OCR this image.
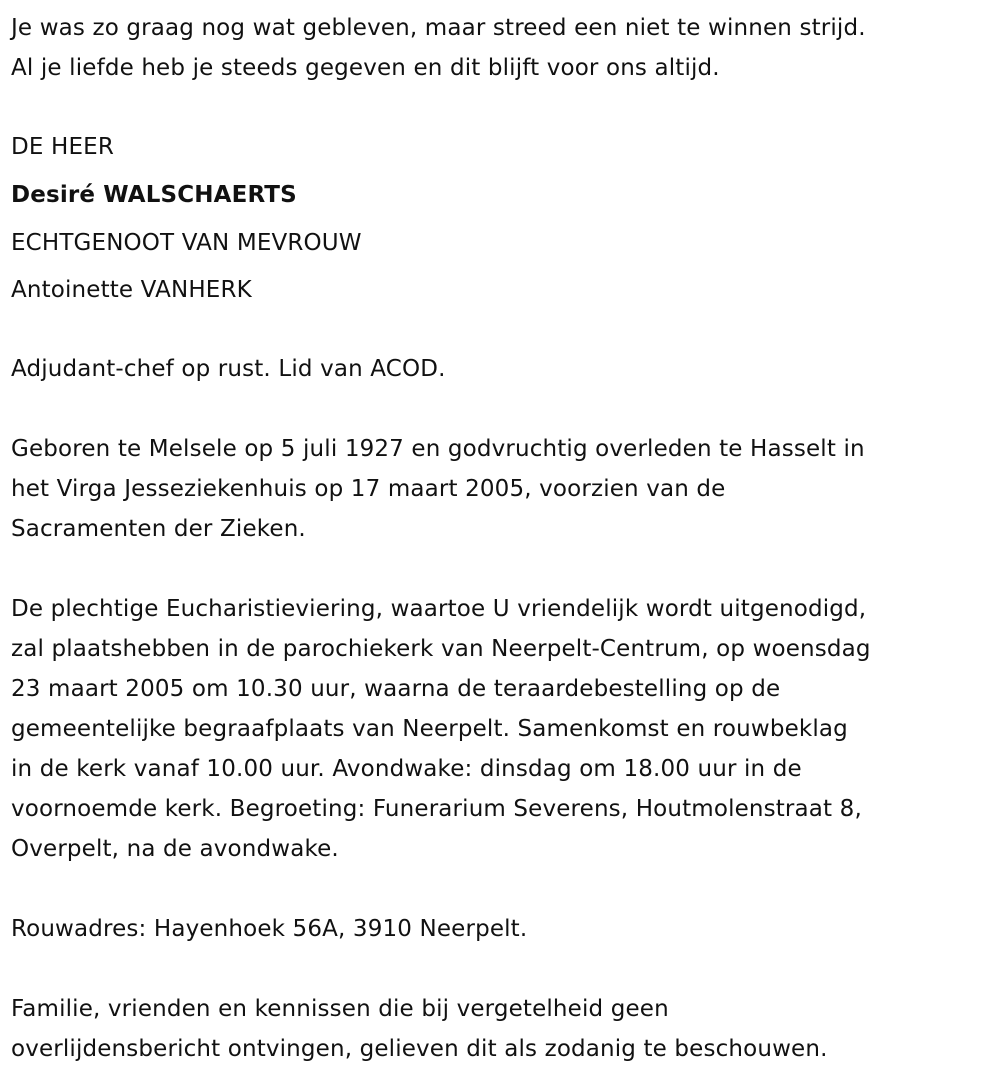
Je was zo graag nog wat gebleven, maar streed een niet te winnen strijd.
Al je liefde heb je steeds gegeven en dit blijft voor ons altijd.
DE HEER
Desiré WALSCHAERTS
ECHTGENOOT VAN MEVROUW
Antoinette VANHERK
Adjudant-chef op rust. Lid van ACOD.
Geboren te Melsele op 5 juli 1927 en godvruchtig overleden te Hasselt in
het Virga Jesseziekenhuis op 17 maart 2005, voorzien van de
Sacramenten der Zieken.
De plechtige Eucharistieviering, waartoe U vriendelijk wordt uitgenodigd,
zal plaatshebben in de parochiekerk van Neerpelt-Centrum, op woensdag
23 maart 2005 om 10.30 uur, waarna de teraardebestelling op de
gemeentelijke begraafplaats van Neerpelt. Samenkomst en rouwbeklag
in de kerk vanaf 10.00 uur. Avondwake: dinsdag om 18.00 uur in de
voornoemde kerk. Begroeting: Funerarium Severens, Houtmolenstraat 8,
Overpelt, na de avondwake.
Rouwadres: Hayenhoek 56A, 3910 Neerpelt.
Familie, vrienden en kennissen die bij vergetelheid geen
overlijdensbericht ontvingen, gelieven dit als zodanig te beschouwen.
